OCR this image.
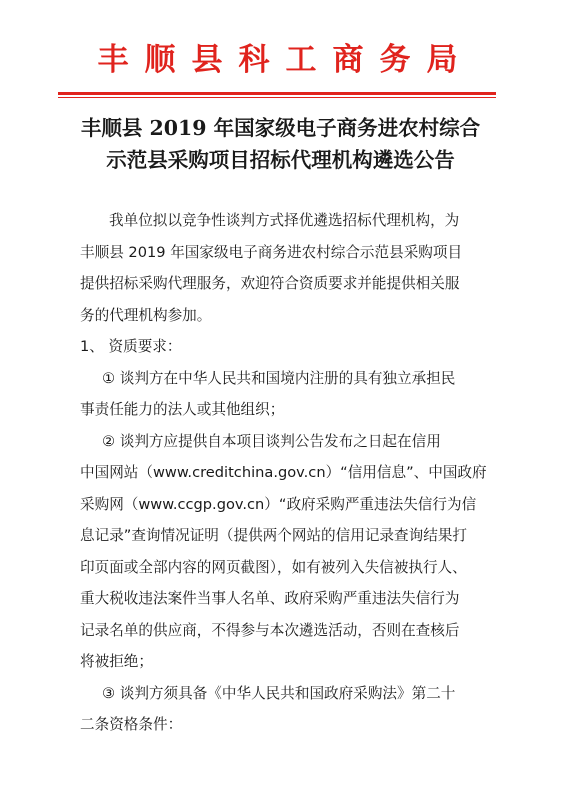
丰顺县科工商务局
丰顺县 2019 年国家级电子商务进农村综合
示范县采购项目招标代理机构遴选公告
我单位拟以竞争性谈判方式择优遴选招标代理机构，为
丰顺县 2019 年国家级电子商务进农村综合示范县采购项目
提供招标采购代理服务，欢迎符合资质要求并能提供相关服
务的代理机构参加。
1、 资质要求：
① 谈判方在中华人民共和国境内注册的具有独立承担民
事责任能力的法人或其他组织；
② 谈判方应提供自本项目谈判公告发布之日起在信用
中国网站（www.creditchina.gov.cn）“信用信息”、中国政府
采购网（www.ccgp.gov.cn）“政府采购严重违法失信行为信
息记录”查询情况证明（提供两个网站的信用记录查询结果打
印页面或全部内容的网页截图），如有被列入失信被执行人、
重大税收违法案件当事人名单、政府采购严重违法失信行为
记录名单的供应商，不得参与本次遴选活动，否则在查核后
将被拒绝；
③ 谈判方须具备《中华人民共和国政府采购法》第二十
二条资格条件：
